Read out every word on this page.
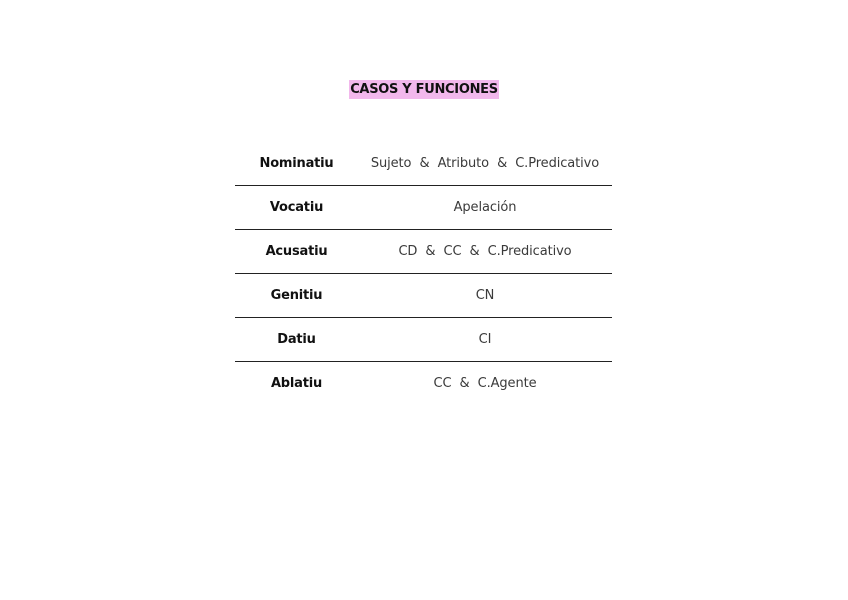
CASOS Y FUNCIONES
Nominatiu	Sujeto  &  Atributo  &  C.Predicativo
Vocatiu	Apelación
Acusatiu	CD  &  CC  &  C.Predicativo
Genitiu	CN
Datiu	CI
Ablatiu	CC  &  C.Agente
